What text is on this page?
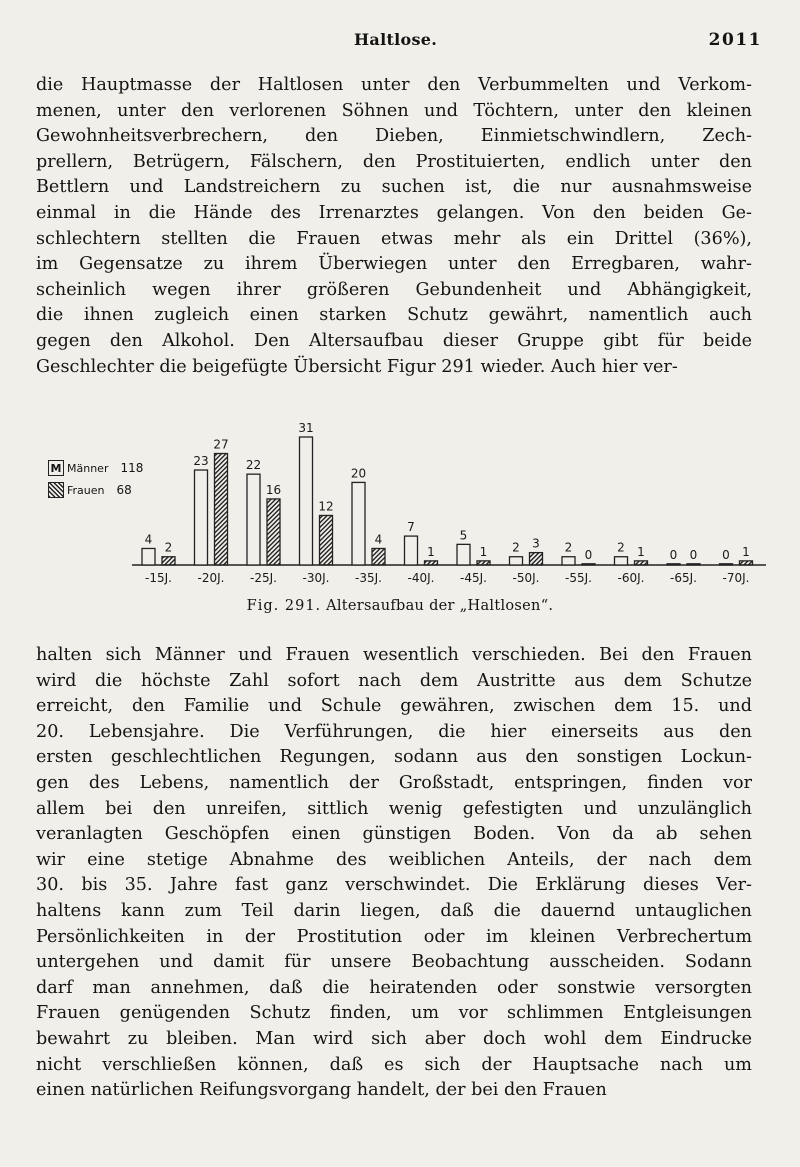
Haltlose.	2011
die Hauptmasse der Haltlosen unter den Verbummelten und Verkom-
menen, unter den verlorenen Söhnen und Töchtern, unter den kleinen
Gewohnheitsverbrechern, den Dieben, Einmietschwindlern, Zech-
prellern, Betrügern, Fälschern, den Prostituierten, endlich unter den
Bettlern und Landstreichern zu suchen ist, die nur ausnahmsweise
einmal in die Hände des Irrenarztes gelangen. Von den beiden Ge-
schlechtern stellten die Frauen etwas mehr als ein Drittel (36%),
im Gegensatze zu ihrem Überwiegen unter den Erregbaren, wahr-
scheinlich wegen ihrer größeren Gebundenheit und Abhängigkeit,
die ihnen zugleich einen starken Schutz gewährt, namentlich auch
gegen den Alkohol. Den Altersaufbau dieser Gruppe gibt für beide
Geschlechter die beigefügte Übersicht Figur 291 wieder. Auch hier ver-
4
2
-15J.
23
27
-20J.
22
16
-25J.
31
12
-30J.
20
4
-35J.
7
1
-40J.
5
1
-45J.
2 3
-50J.
2
0
-55J.
2 1
-60J.
0 0
-65J.
0 1
-70J.
M Männer 118
Frauen 68
Fig. 291. Altersaufbau der „Haltlosen“.
halten sich Männer und Frauen wesentlich verschieden. Bei den Frauen
wird die höchste Zahl sofort nach dem Austritte aus dem Schutze
erreicht, den Familie und Schule gewähren, zwischen dem 15. und
20. Lebensjahre. Die Verführungen, die hier einerseits aus den
ersten geschlechtlichen Regungen, sodann aus den sonstigen Lockun-
gen des Lebens, namentlich der Großstadt, entspringen, finden vor
allem bei den unreifen, sittlich wenig gefestigten und unzulänglich
veranlagten Geschöpfen einen günstigen Boden. Von da ab sehen
wir eine stetige Abnahme des weiblichen Anteils, der nach dem
30. bis 35. Jahre fast ganz verschwindet. Die Erklärung dieses Ver-
haltens kann zum Teil darin liegen, daß die dauernd untauglichen
Persönlichkeiten in der Prostitution oder im kleinen Verbrechertum
untergehen und damit für unsere Beobachtung ausscheiden. Sodann
darf man annehmen, daß die heiratenden oder sonstwie versorgten
Frauen genügenden Schutz finden, um vor schlimmen Entgleisungen
bewahrt zu bleiben. Man wird sich aber doch wohl dem Eindrucke
nicht verschließen können, daß es sich der Hauptsache nach um
einen natürlichen Reifungsvorgang handelt, der bei den Frauen
